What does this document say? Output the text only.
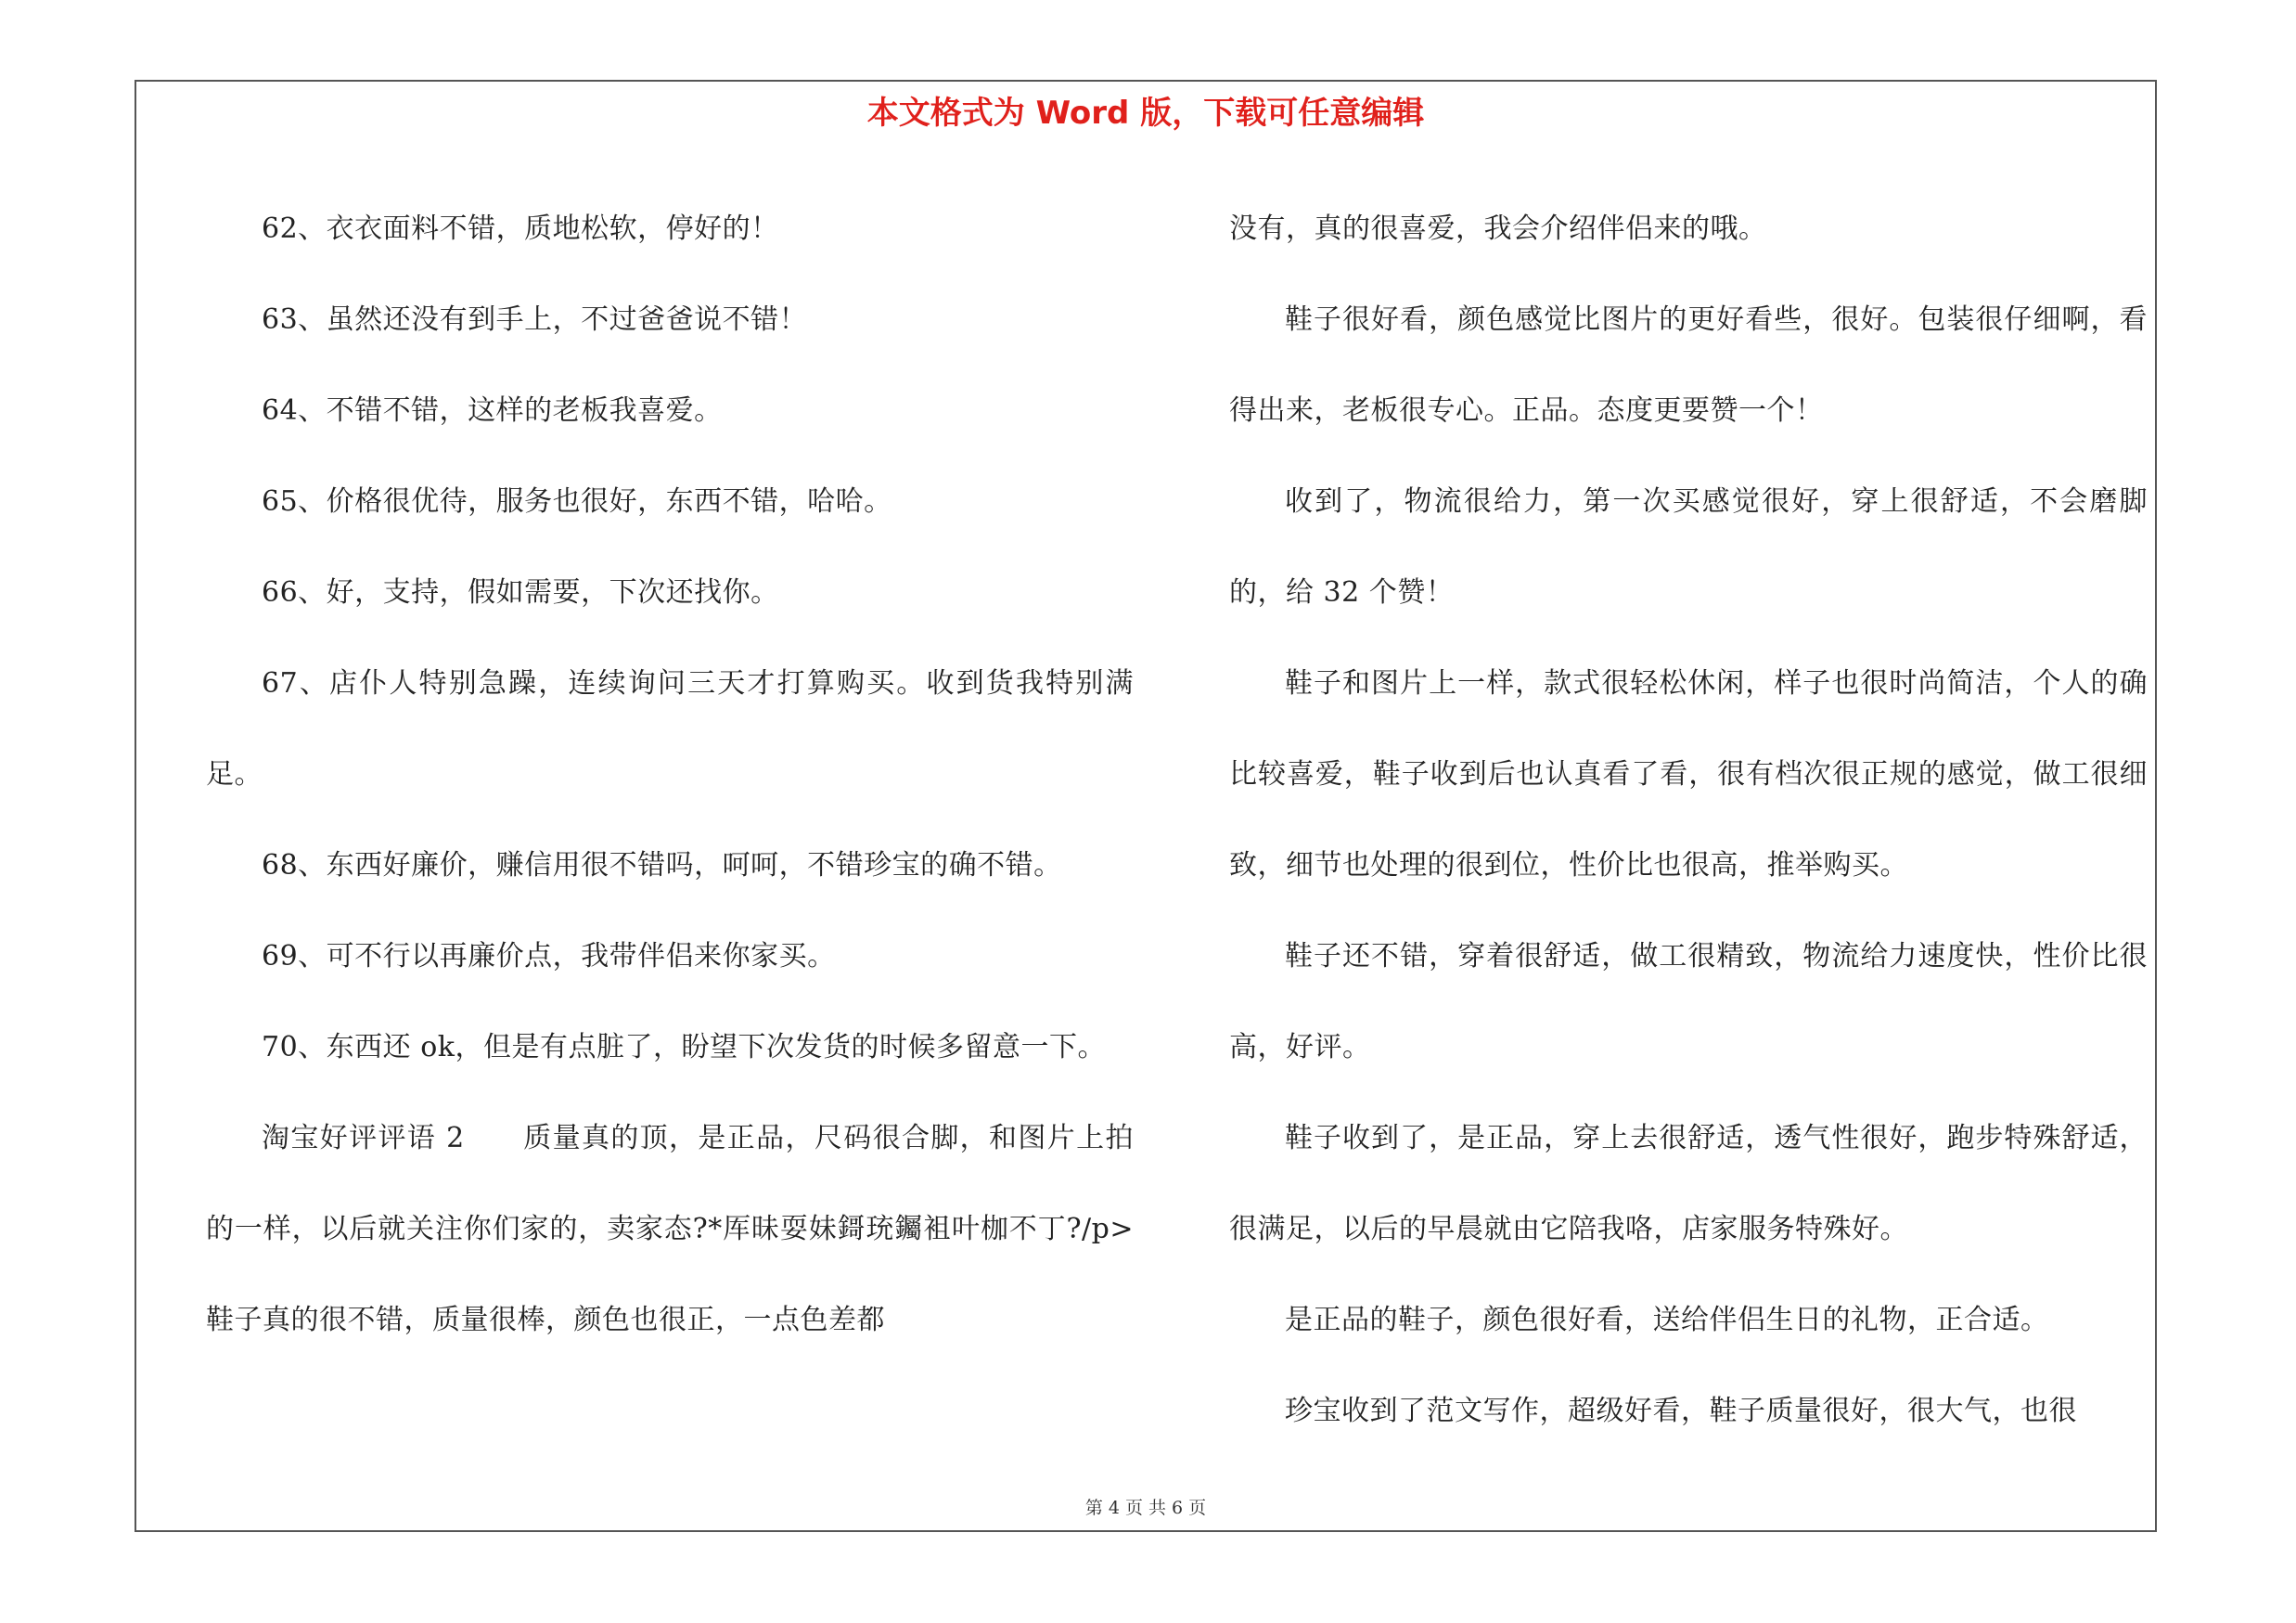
本文格式为 Word 版，下载可任意编辑

62、衣衣面料不错，质地松软，停好的！

63、虽然还没有到手上，不过爸爸说不错！

64、不错不错，这样的老板我喜爱。

65、价格很优待，服务也很好，东西不错，哈哈。

66、好，支持，假如需要，下次还找你。

67、店仆人特别急躁，连续询问三天才打算购买。收到货我特别满足。

68、东西好廉价，赚信用很不错吗，呵呵，不错珍宝的确不错。

69、可不行以再廉价点，我带伴侣来你家买。

70、东西还 ok，但是有点脏了，盼望下次发货的时候多留意一下。

淘宝好评评语 2　　质量真的顶，是正品，尺码很合脚，和图片上拍的一样，以后就关注你们家的，卖家态?*厍昧耍妹鎶珫钃袓叶枷不丁?/p>　　鞋子真的很不错，质量很棒，颜色也很正，一点色差都

没有，真的很喜爱，我会介绍伴侣来的哦。

鞋子很好看，颜色感觉比图片的更好看些，很好。包装很仔细啊，看得出来，老板很专心。正品。态度更要赞一个！

收到了，物流很给力，第一次买感觉很好，穿上很舒适，不会磨脚的，给 32 个赞！

鞋子和图片上一样，款式很轻松休闲，样子也很时尚简洁，个人的确比较喜爱，鞋子收到后也认真看了看，很有档次很正规的感觉，做工很细致，细节也处理的很到位，性价比也很高，推举购买。

鞋子还不错，穿着很舒适，做工很精致，物流给力速度快，性价比很高，好评。

鞋子收到了，是正品，穿上去很舒适，透气性很好，跑步特殊舒适，很满足，以后的早晨就由它陪我咯，店家服务特殊好。

是正品的鞋子，颜色很好看，送给伴侣生日的礼物，正合适。

珍宝收到了范文写作，超级好看，鞋子质量很好，很大气，也很

第 4 页 共 6 页
